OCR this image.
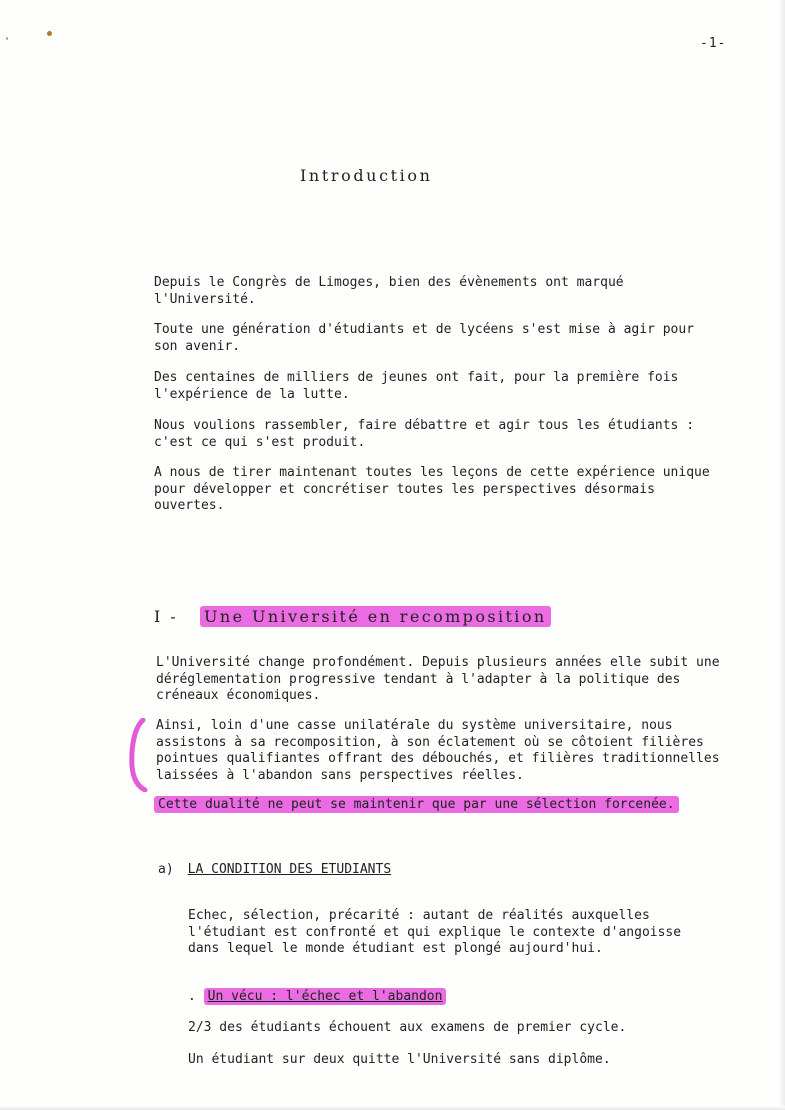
-1-
Introduction
Depuis le Congrès de Limoges, bien des évènements ont marqué
l'Université.
Toute une génération d'étudiants et de lycéens s'est mise à agir pour
son avenir.
Des centaines de milliers de jeunes ont fait, pour la première fois
l'expérience de la lutte.
Nous voulions rassembler, faire débattre et agir tous les étudiants :
c'est ce qui s'est produit.
A nous de tirer maintenant toutes les leçons de cette expérience unique
pour développer et concrétiser toutes les perspectives désormais
ouvertes.
I - Une Université en recomposition
L'Université change profondément. Depuis plusieurs années elle subit une
déréglementation progressive tendant à l'adapter à la politique des
créneaux économiques.
Ainsi, loin d'une casse unilatérale du système universitaire, nous
assistons à sa recomposition, à son éclatement où se côtoient filières
pointues qualifiantes offrant des débouchés, et filières traditionnelles
laissées à l'abandon sans perspectives réelles.
Cette dualité ne peut se maintenir que par une sélection forcenée.
a) LA CONDITION DES ETUDIANTS
Echec, sélection, précarité : autant de réalités auxquelles
l'étudiant est confronté et qui explique le contexte d'angoisse
dans lequel le monde étudiant est plongé aujourd'hui.
. Un vécu : l'échec et l'abandon
2/3 des étudiants échouent aux examens de premier cycle.
Un étudiant sur deux quitte l'Université sans diplôme.
